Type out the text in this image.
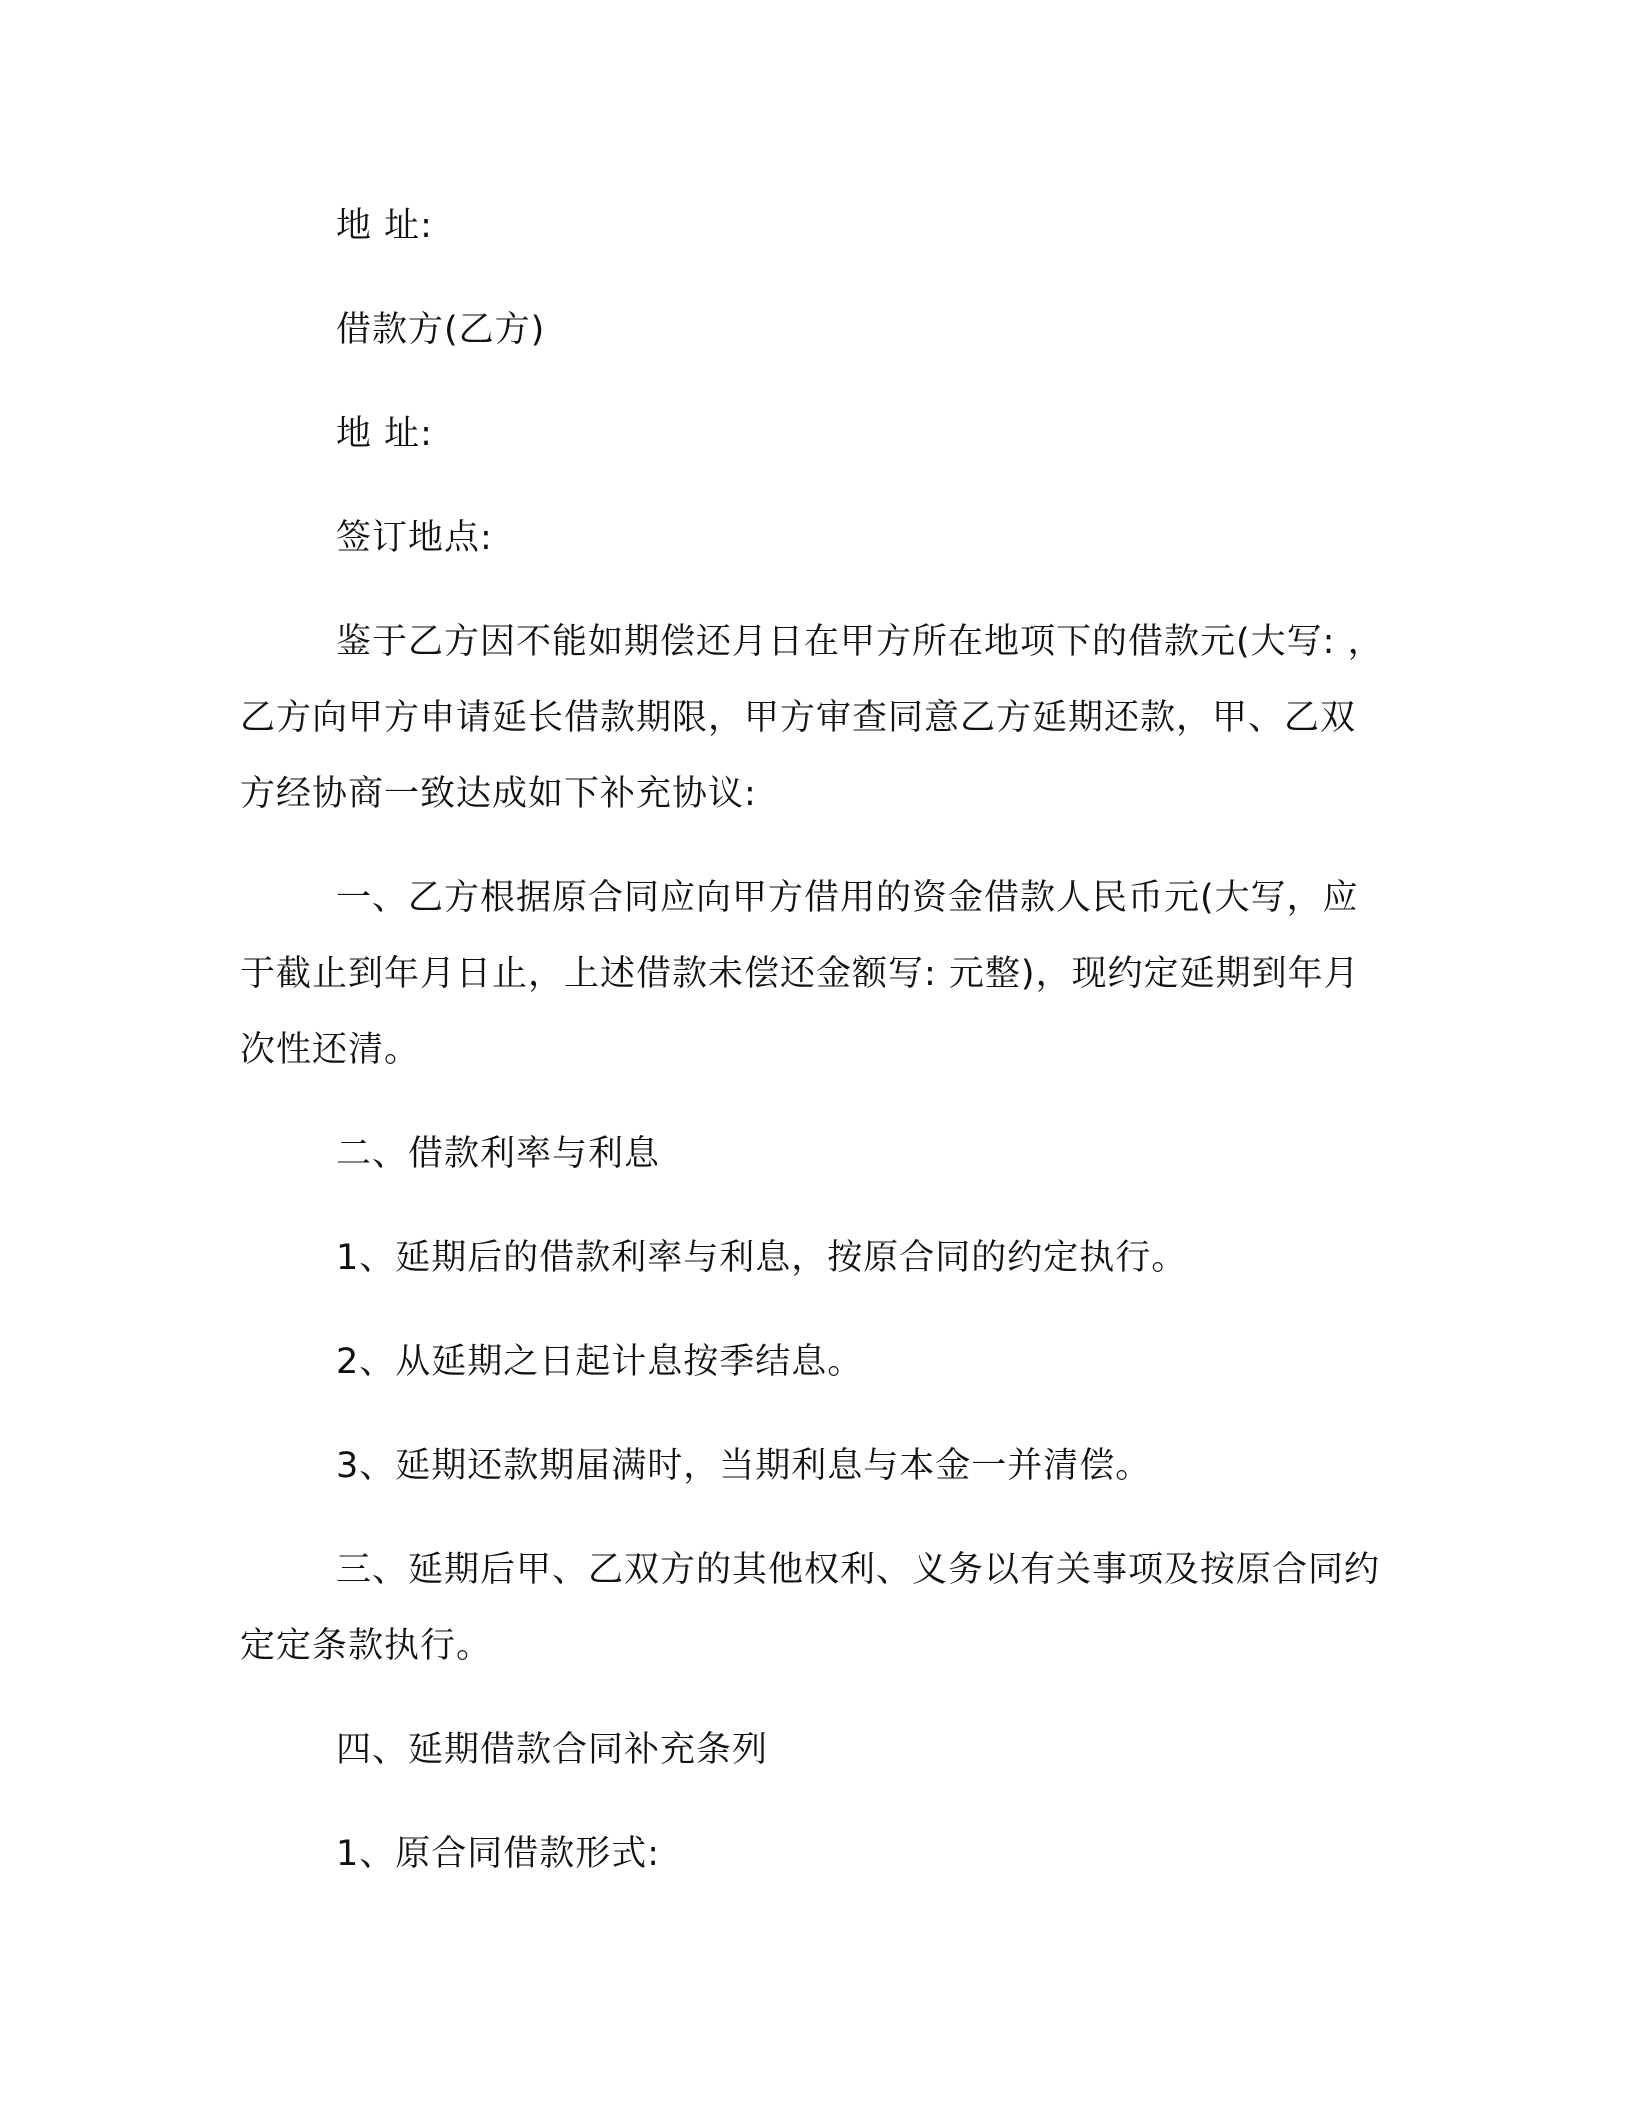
地 址:

借款方(乙方)

地 址:

签订地点:

鉴于乙方因不能如期偿还月日在甲方所在地项下的借款元(大写: ，乙方向甲方申请延长借款期限，甲方审查同意乙方延期还款，甲、乙双方经协商一致达成如下补充协议:

一、乙方根据原合同应向甲方借用的资金借款人民币元(大写，应于截止到年月日止，上述借款未偿还金额写: 元整)，现约定延期到年月次性还清。

二、借款利率与利息

1、延期后的借款利率与利息，按原合同的约定执行。

2、从延期之日起计息按季结息。

3、延期还款期届满时，当期利息与本金一并清偿。

三、延期后甲、乙双方的其他权利、义务以有关事项及按原合同约定定条款执行。

四、延期借款合同补充条列

1、原合同借款形式:
